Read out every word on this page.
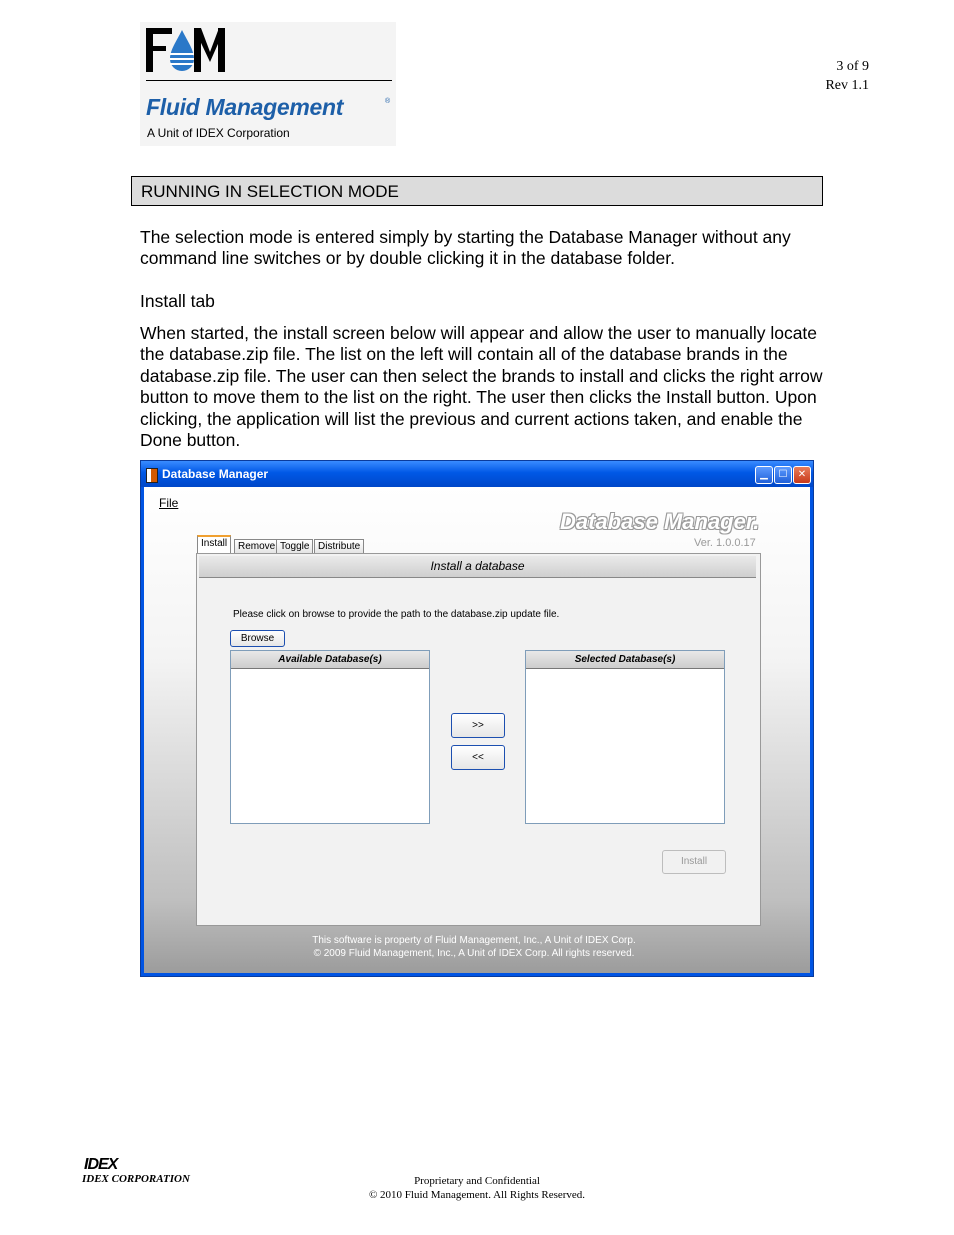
Fluid Management	®
A Unit of IDEX Corporation
3 of 9
Rev 1.1
RUNNING IN SELECTION MODE
The selection mode is entered simply by starting the Database Manager without any command line switches or by double clicking it in the database folder.
Install tab
When started, the install screen below will appear and allow the user to manually locate the database.zip file. The list on the left will contain all of the database brands in the database.zip file. The user can then select the brands to install and clicks the right arrow button to move them to the list on the right. The user then clicks the Install button. Upon clicking, the application will list the previous and current actions taken, and enable the Done button.
Database Manager	▁	☐	✕
File
Database Manager.
Ver. 1.0.0.17
Install	Remove Toggle Distribute
Install a database
Please click on browse to provide the path to the database.zip update file.
Browse
Available Database(s)
>>
<<
Selected Database(s)
Install
This software is property of Fluid Management, Inc., A Unit of IDEX Corp.
© 2009 Fluid Management, Inc., A Unit of IDEX Corp. All rights reserved.
IDEX
IDEX CORPORATION	Proprietary and Confidential
© 2010 Fluid Management. All Rights Reserved.
